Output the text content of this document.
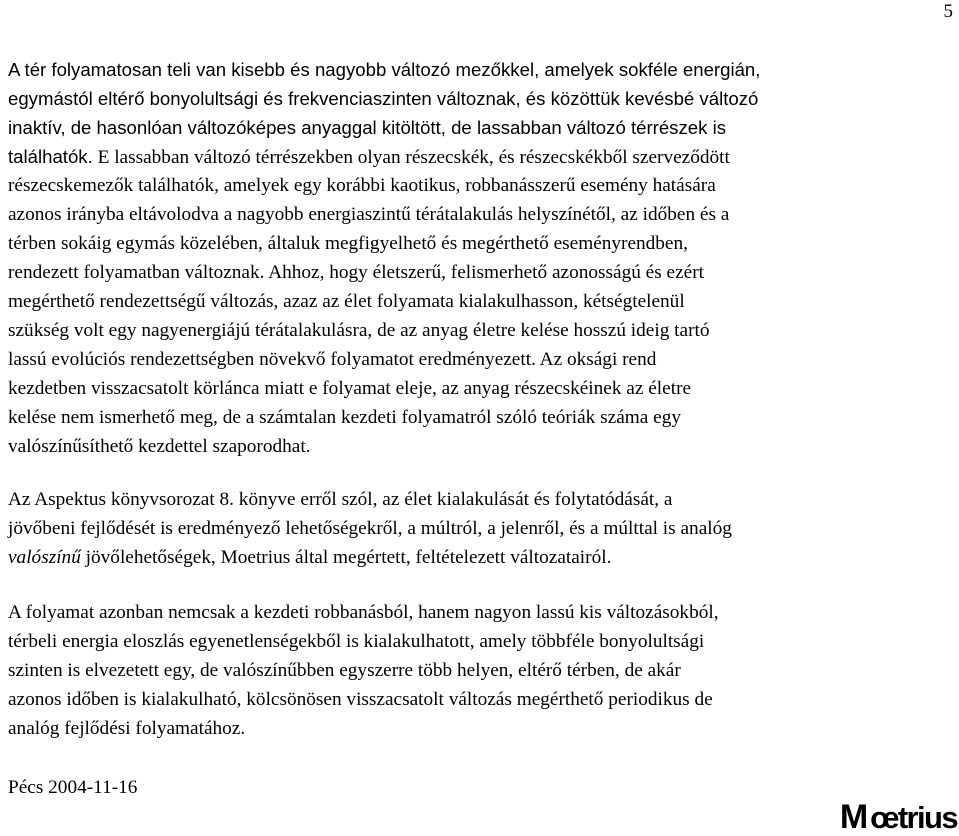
5
A tér folyamatosan teli van kisebb és nagyobb változó mezőkkel, amelyek sokféle energián,
egymástól eltérő bonyolultsági és frekvenciaszinten változnak, és közöttük kevésbé változó
inaktív, de hasonlóan változóképes anyaggal kitöltött, de lassabban változó térrészek is
találhatók. E lassabban változó térrészekben olyan részecskék, és részecskékből szerveződött
részecskemezők találhatók, amelyek egy korábbi kaotikus, robbanásszerű esemény hatására
azonos irányba eltávolodva a nagyobb energiaszintű térátalakulás helyszínétől, az időben és a
térben sokáig egymás közelében, általuk megfigyelhető és megérthető eseményrendben,
rendezett folyamatban változnak. Ahhoz, hogy életszerű, felismerhető azonosságú és ezért
megérthető rendezettségű változás, azaz az élet folyamata kialakulhasson, kétségtelenül
szükség volt egy nagyenergiájú térátalakulásra, de az anyag életre kelése hosszú ideig tartó
lassú evolúciós rendezettségben növekvő folyamatot eredményezett. Az oksági rend
kezdetben visszacsatolt körlánca miatt e folyamat eleje, az anyag részecskéinek az életre
kelése nem ismerhető meg, de a számtalan kezdeti folyamatról szóló teóriák száma egy
valószínűsíthető kezdettel szaporodhat.
Az Aspektus könyvsorozat 8. könyve erről szól, az élet kialakulását és folytatódását, a
jövőbeni fejlődését is eredményező lehetőségekről, a múltról, a jelenről, és a múlttal is analóg
valószínű jövőlehetőségek, Moetrius által megértett, feltételezett változatairól.
A folyamat azonban nemcsak a kezdeti robbanásból, hanem nagyon lassú kis változásokból,
térbeli energia eloszlás egyenetlenségekből is kialakulhatott, amely többféle bonyolultsági
szinten is elvezetett egy, de valószínűbben egyszerre több helyen, eltérő térben, de akár
azonos időben is kialakulható, kölcsönösen visszacsatolt változás megérthető periodikus de
analóg fejlődési folyamatához.
Pécs 2004-11-16
Mœtrius
